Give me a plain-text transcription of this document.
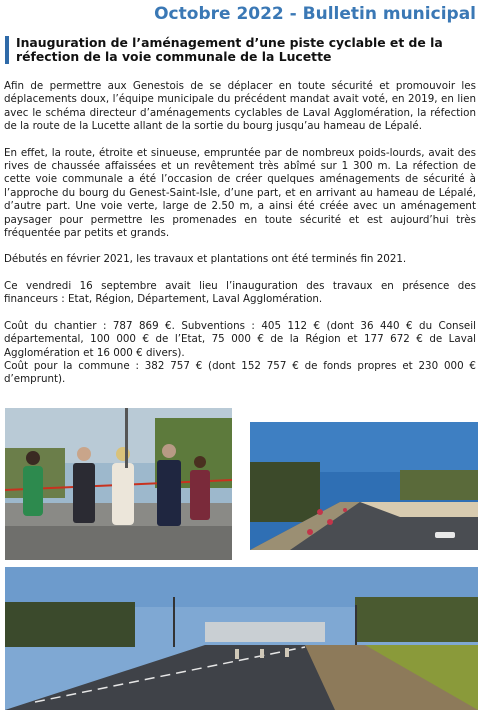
Octobre 2022 - Bulletin municipal
Inauguration de l’aménagement d’une piste cyclable et de la réfection de la voie communale de la Lucette

Afin de permettre aux Genestois de se déplacer en toute sécurité et promouvoir les déplacements doux, l’équipe municipale du précédent mandat avait voté, en 2019, en lien avec le schéma directeur d’aménagements cyclables de Laval Agglomération, la réfection de la route de la Lucette allant de la sortie du bourg jusqu’au hameau de Lépalé.

En effet, la route, étroite et sinueuse, empruntée par de nombreux poids-lourds, avait des rives de chaussée affaissées et un revêtement très abîmé sur 1 300 m. La réfection de cette voie communale a été l’occasion de créer quelques aménagements de sécurité à l’approche du bourg du Genest-Saint-Isle, d’une part, et en arrivant au hameau de Lépalé, d’autre part. Une voie verte, large de 2.50 m, a ainsi été créée avec un aménagement paysager pour permettre les promenades en toute sécurité et est aujourd’hui très fréquentée par petits et grands.

Débutés en février 2021, les travaux et plantations ont été terminés fin 2021.

Ce vendredi 16 septembre avait lieu l’inauguration des travaux en présence des financeurs : Etat, Région, Département, Laval Agglomération.

Coût du chantier : 787 869 €. Subventions : 405 112 € (dont 36 440 € du Conseil départemental, 100 000 € de l’Etat, 75 000 € de la Région et 177 672 € de Laval Agglomération et 16 000 € divers).

Coût pour la commune : 382 757 € (dont 152 757 € de fonds propres et 230 000 € d’emprunt).
